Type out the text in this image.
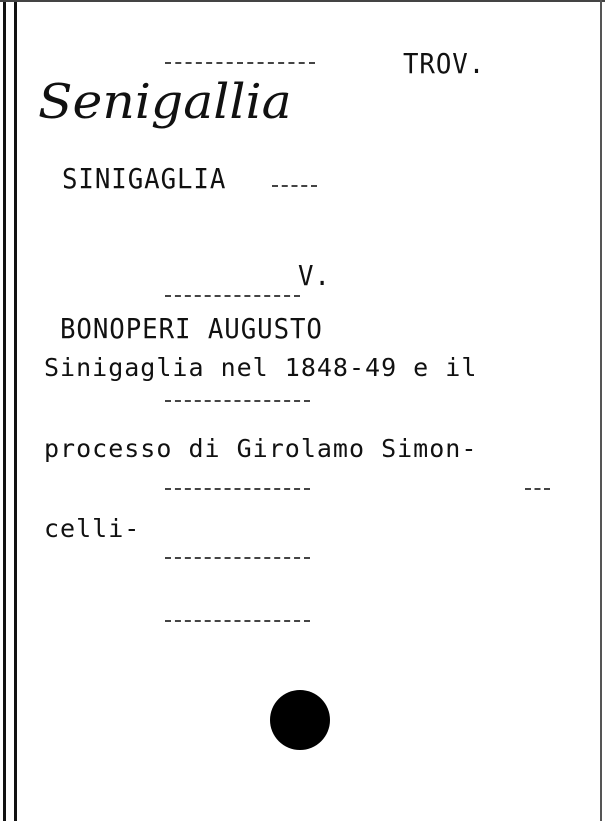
TROV.
Senigallia
SINIGAGLIA
V.
BONOPERI AUGUSTO
Sinigaglia nel 1848-49 e il
processo di Girolamo Simon-
celli-
